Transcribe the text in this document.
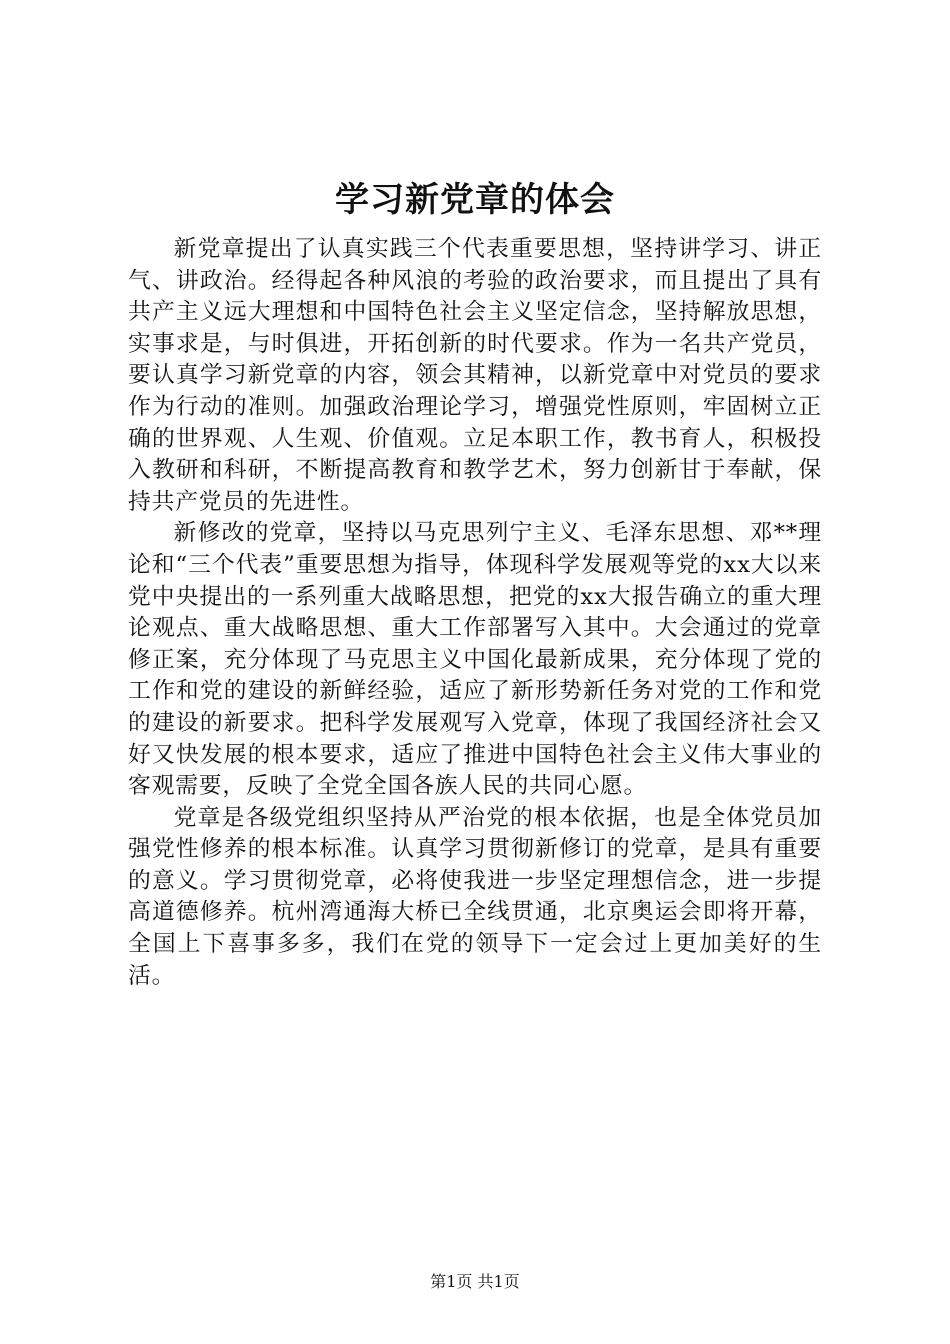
学习新党章的体会

新党章提出了认真实践三个代表重要思想，坚持讲学习、讲正气、讲政治。经得起各种风浪的考验的政治要求，而且提出了具有共产主义远大理想和中国特色社会主义坚定信念，坚持解放思想，实事求是，与时俱进，开拓创新的时代要求。作为一名共产党员，要认真学习新党章的内容，领会其精神，以新党章中对党员的要求作为行动的准则。加强政治理论学习，增强党性原则，牢固树立正确的世界观、人生观、价值观。立足本职工作，教书育人，积极投入教研和科研，不断提高教育和教学艺术，努力创新甘于奉献，保持共产党员的先进性。

新修改的党章，坚持以马克思列宁主义、毛泽东思想、邓**理论和“三个代表”重要思想为指导，体现科学发展观等党的xx大以来党中央提出的一系列重大战略思想，把党的xx大报告确立的重大理论观点、重大战略思想、重大工作部署写入其中。大会通过的党章修正案，充分体现了马克思主义中国化最新成果，充分体现了党的工作和党的建设的新鲜经验，适应了新形势新任务对党的工作和党的建设的新要求。把科学发展观写入党章，体现了我国经济社会又好又快发展的根本要求，适应了推进中国特色社会主义伟大事业的客观需要，反映了全党全国各族人民的共同心愿。

党章是各级党组织坚持从严治党的根本依据，也是全体党员加强党性修养的根本标准。认真学习贯彻新修订的党章，是具有重要的意义。学习贯彻党章，必将使我进一步坚定理想信念，进一步提高道德修养。杭州湾通海大桥已全线贯通，北京奥运会即将开幕，全国上下喜事多多，我们在党的领导下一定会过上更加美好的生活。

第1页 共1页
